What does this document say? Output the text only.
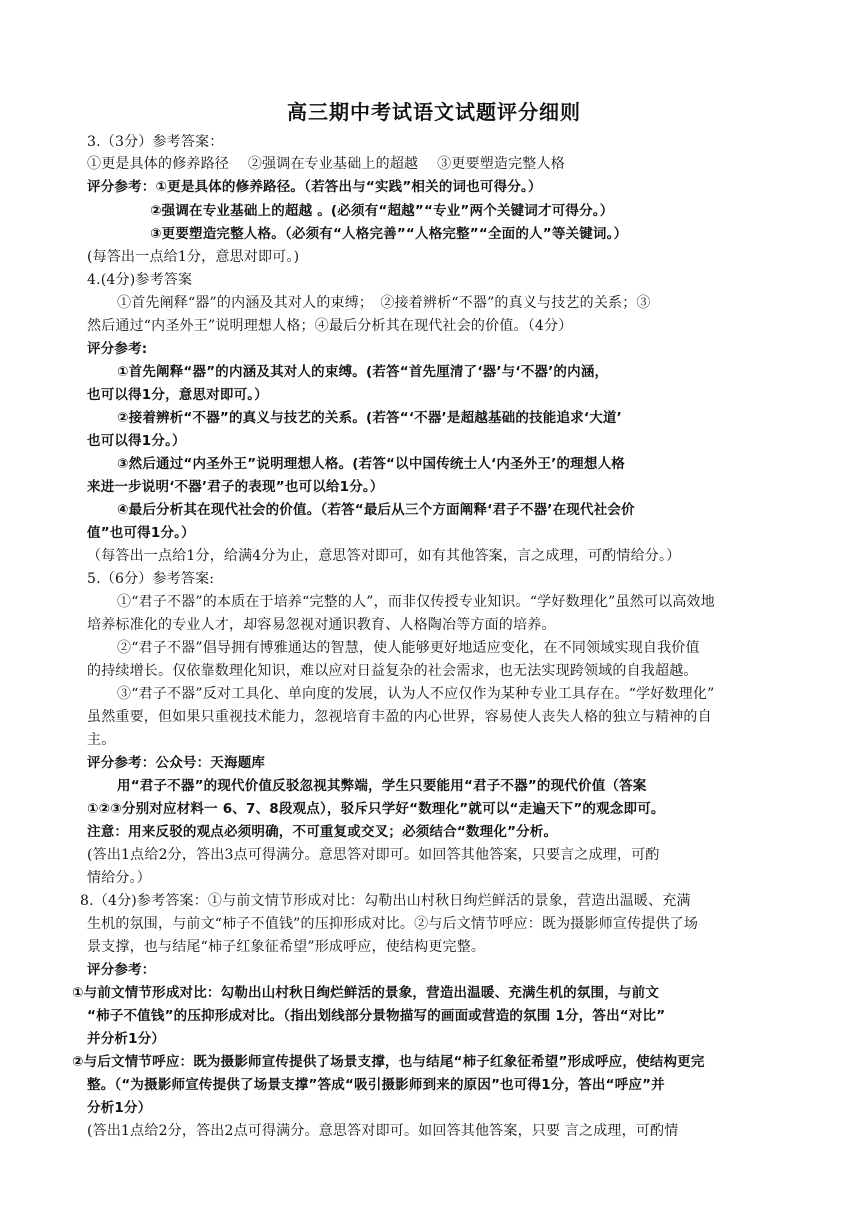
高三期中考试语文试题评分细则
3.（3分）参考答案：
①更是具体的修养路径　 ②强调在专业基础上的超越　 ③更要塑造完整人格
评分参考：①更是具体的修养路径。（若答出与“实践”相关的词也可得分。）
②强调在专业基础上的超越 。(必须有“超越”“专业”两个关键词才可得分。）
③更要塑造完整人格。（必须有“人格完善”“人格完整”“全面的人”等关键词。）
(每答出一点给1分，意思对即可。)
4.(4分)参考答案
①首先阐释“器”的内涵及其对人的束缚；　②接着辨析“不器”的真义与技艺的关系；③
然后通过“内圣外王”说明理想人格；④最后分析其在现代社会的价值。（4分）
评分参考:
①首先阐释“器”的内涵及其对人的束缚。(若答“首先厘清了‘器’与‘不器’的内涵，
也可以得1分，意思对即可。）
②接着辨析“不器”的真义与技艺的关系。(若答“‘不器’是超越基础的技能追求‘大道’
也可以得1分。）
③然后通过“内圣外王”说明理想人格。(若答“以中国传统士人‘内圣外王’的理想人格
来进一步说明‘不器’君子的表现”也可以给1分。）
④最后分析其在现代社会的价值。（若答“最后从三个方面阐释‘君子不器’在现代社会价
值”也可得1分。）
（每答出一点给1分，给满4分为止，意思答对即可，如有其他答案，言之成理，可酌情给分。）
5.（6分）参考答案:
①“君子不器”的本质在于培养“完整的人”，而非仅传授专业知识。“学好数理化”虽然可以高效地
培养标准化的专业人才，却容易忽视对通识教育、人格陶冶等方面的培养。
②“君子不器”倡导拥有博雅通达的智慧，使人能够更好地适应变化，在不同领域实现自我价值
的持续增长。仅依靠数理化知识，难以应对日益复杂的社会需求，也无法实现跨领域的自我超越。
③“君子不器”反对工具化、单向度的发展，认为人不应仅作为某种专业工具存在。“学好数理化”
虽然重要，但如果只重视技术能力，忽视培育丰盈的内心世界，容易使人丧失人格的独立与精神的自
主。
评分参考：公众号：天海题库
用“君子不器”的现代价值反驳忽视其弊端，学生只要能用“君子不器”的现代价值（答案
①②③分别对应材料一 6、7、8段观点），驳斥只学好“数理化”就可以“走遍天下”的观念即可。
注意：用来反驳的观点必须明确，不可重复或交叉；必须结合“数理化”分析。
(答出1点给2分，答出3点可得满分。意思答对即可。如回答其他答案，只要言之成理，可酌
情给分。）
8.（4分)参考答案：①与前文情节形成对比：勾勒出山村秋日绚烂鲜活的景象，营造出温暖、充满
生机的氛围，与前文“柿子不值钱”的压抑形成对比。②与后文情节呼应：既为摄影师宣传提供了场
景支撑，也与结尾“柿子红象征希望”形成呼应，使结构更完整。
评分参考：
①与前文情节形成对比：勾勒出山村秋日绚烂鲜活的景象，营造出温暖、充满生机的氛围，与前文
“柿子不值钱”的压抑形成对比。（指出划线部分景物描写的画面或营造的氛围 1分，答出“对比”
并分析1分）
②与后文情节呼应：既为摄影师宣传提供了场景支撑，也与结尾“柿子红象征希望”形成呼应，使结构更完
整。（“为摄影师宣传提供了场景支撑”答成“吸引摄影师到来的原因”也可得1分，答出“呼应”并
分析1分）
(答出1点给2分，答出2点可得满分。意思答对即可。如回答其他答案，只要 言之成理，可酌情
